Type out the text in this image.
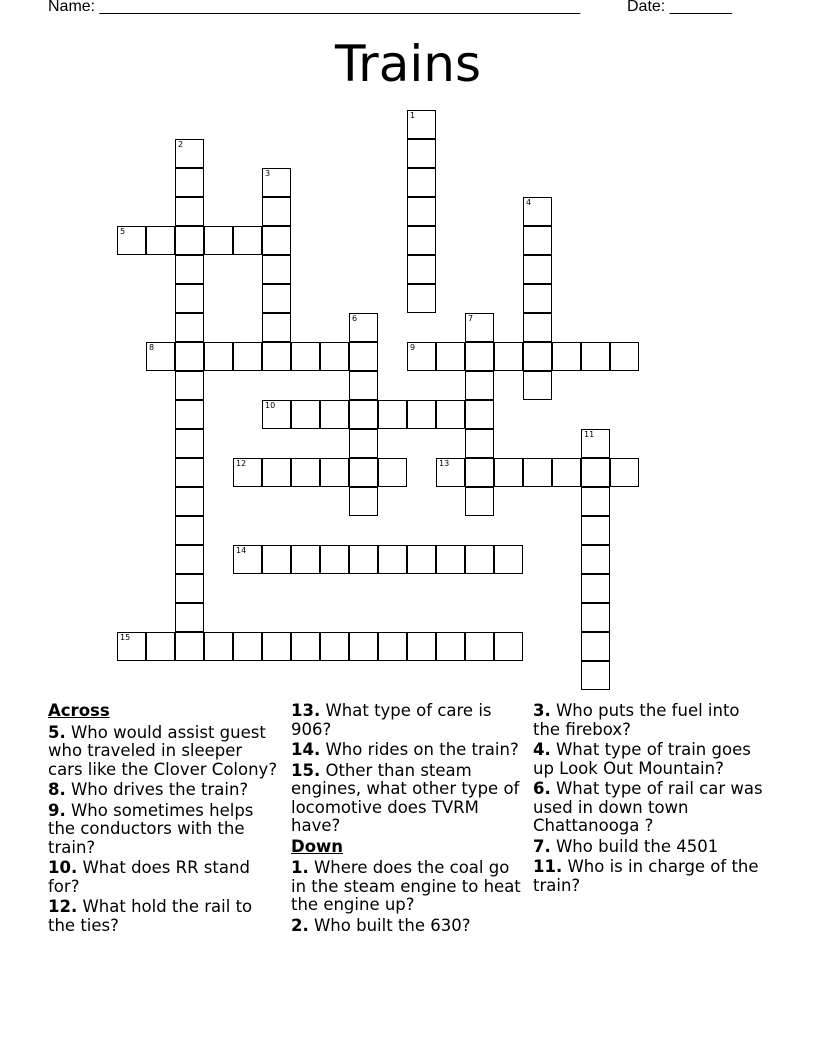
Name: ______________________________________________________	Date: _______
Trains
1
2
3
4
5
6	7
8	9
10
11
12	13
14
15
Across
5. Who would assist guest who traveled in sleeper cars like the Clover Colony?
8. Who drives the train?
9. Who sometimes helps the conductors with the train?
10. What does RR stand for?
12. What hold the rail to the ties?
13. What type of care is 906?
14. Who rides on the train?
15. Other than steam engines, what other type of locomotive does TVRM have?
Down
1. Where does the coal go in the steam engine to heat the engine up?
2. Who built the 630?
3. Who puts the fuel into the firebox?
4. What type of train goes up Look Out Mountain?
6. What type of rail car was used in down town Chattanooga ?
7. Who build the 4501
11. Who is in charge of the train?
